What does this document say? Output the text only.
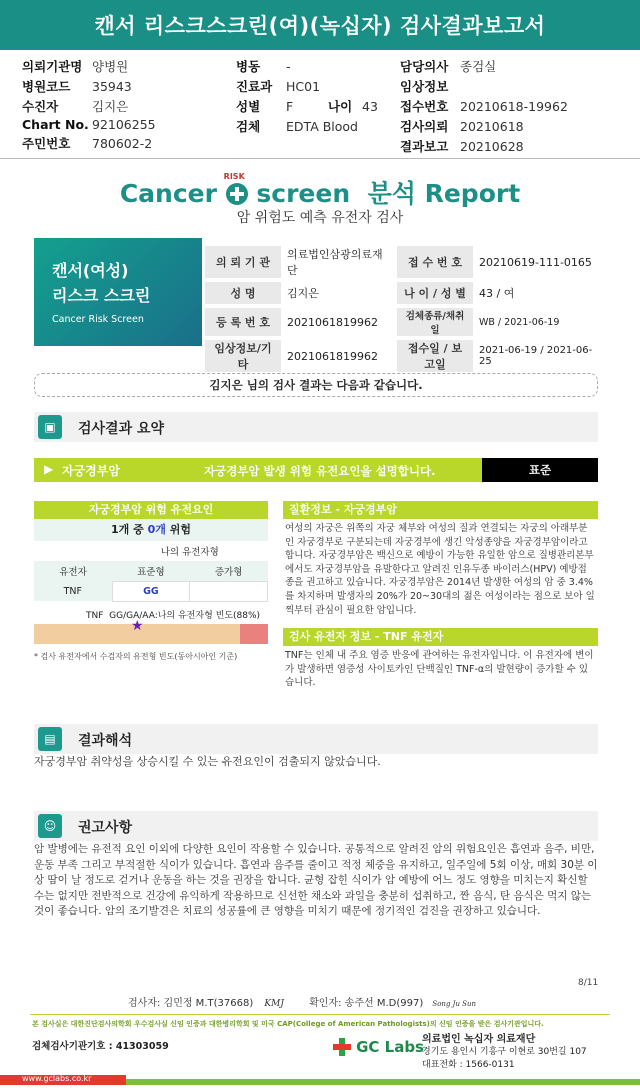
캔서 리스크스크린(여)(녹십자) 검사결과보고서
의뢰기관명	양병원
병원코드	35943
수진자	김지은
Chart No.	92106255
주민번호	780602-2
병동	-		
진료과	HC01		
성별	F	나이	43
검체	EDTA Blood		
담당의사	종검실
임상정보	
접수번호	20210618-19962
검사의뢰	20210618
결과보고	20210628
Cancer
RISK
screen 분석 Report
암 위험도 예측 유전자 검사
캔서(여성)
리스크 스크린
Cancer Risk Screen
의 뢰 기 관	의료법인삼광의료재단	접 수 번 호	20210619-111-0165
성 명	김지은	나 이 / 성 별	43 / 여
등 록 번 호	2021061819962	검체종류/채취일	WB / 2021-06-19
임상정보/기타	2021061819962	접수일 / 보고일	2021-06-19 / 2021-06-25
김지은 님의 검사 결과는 다음과 같습니다.
▣	검사결과 요약
▶ 자궁경부암	자궁경부암 발생 위험 유전요인을 설명합니다.	표준
자궁경부암 위험 유전요인
1개 중 0개 위험
	나의 유전자형	
유전자	표준형	증가형
TNF	GG	
TNF GG/GA/AA:나의 유전자형 빈도(88%)
★
* 검사 유전자에서 수검자의 유전형 빈도(동아시아인 기준)
질환정보 - 자궁경부암
여성의 자궁은 위쪽의 자궁 체부와 여성의 질과 연결되는 자궁의 아래부분인 자궁경부로 구분되는데 자궁경부에 생긴 악성종양을 자궁경부암이라고 합니다. 자궁경부암은 백신으로 예방이 가능한 유일한 암으로 질병관리본부에서도 자궁경부암을 유발한다고 알려진 인유두종 바이러스(HPV) 예방접종을 권고하고 있습니다. 자궁경부암은 2014년 발생한 여성의 암 중 3.4%를 차지하며 발생자의 20%가 20~30대의 젊은 여성이라는 점으로 보아 일찍부터 관심이 필요한 암입니다.
검사 유전자 정보 - TNF 유전자
TNF는 인체 내 주요 염증 반응에 관여하는 유전자입니다. 이 유전자에 변이가 발생하면 염증성 사이토카인 단백질인 TNF-α의 발현량이 증가할 수 있습니다.
▤	결과해석
자궁경부암 취약성을 상승시킬 수 있는 유전요인이 검출되지 않았습니다.
☺	권고사항
암 발병에는 유전적 요인 이외에 다양한 요인이 작용할 수 있습니다. 공통적으로 알려진 암의 위험요인은 흡연과 음주, 비만, 운동 부족 그리고 부적절한 식이가 있습니다. 흡연과 음주를 줄이고 적정 체중을 유지하고, 일주일에 5회 이상, 매회 30분 이상 땀이 날 정도로 걷거나 운동을 하는 것을 권장을 합니다. 균형 잡힌 식이가 암 예방에 어느 정도 영향을 미치는지 확신할 수는 없지만 전반적으로 건강에 유익하게 작용하므로 신선한 채소와 과일을 충분히 섭취하고, 짠 음식, 탄 음식은 먹지 않는 것이 좋습니다. 암의 조기발견은 치료의 성공률에 큰 영향을 미치기 때문에 정기적인 검진을 권장하고 있습니다.
8/11
검사자: 김민정 M.T(37668) KMJ	확인자: 송주선 M.D(997) Song Ju Sun
본 검사실은 대한진단검사의학회 우수검사실 신임 인증과 대한병리학회 및 미국 CAP(College of American Pathologists)의 신임 인증을 받은 검사기관입니다.
검체검사기관기호 : 41303059	GC Labs
의료법인 녹십자 의료재단
경기도 용인시 기흥구 이현로 30번길 107
대표전화 : 1566-0131
www.gclabs.co.kr
